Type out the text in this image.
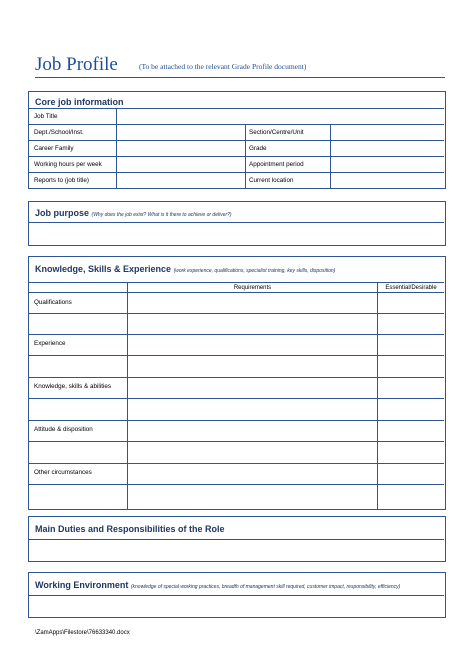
Job Profile	(To be attached to the relevant Grade Profile document)
Core job information
Job Title
Dept./School/Inst.	Section/Centre/Unit
Career Family	Grade
Working hours per week	Appointment period
Reports to (job title)	Current location
Job purpose (Why does the job exist? What is it there to achieve or deliver?)
Knowledge, Skills & Experience (work experience, qualifications, specialist training, key skills, disposition)
Requirements	Essential/Desirable
Qualifications
Experience
Knowledge, skills & abilities
Attitude & disposition
Other circumstances
Main Duties and Responsibilities of the Role
Working Environment (knowledge of special working practices, breadth of management skill required, customer impact, responsibility, efficiency)
\ZamApps\Filestore\76633340.docx
